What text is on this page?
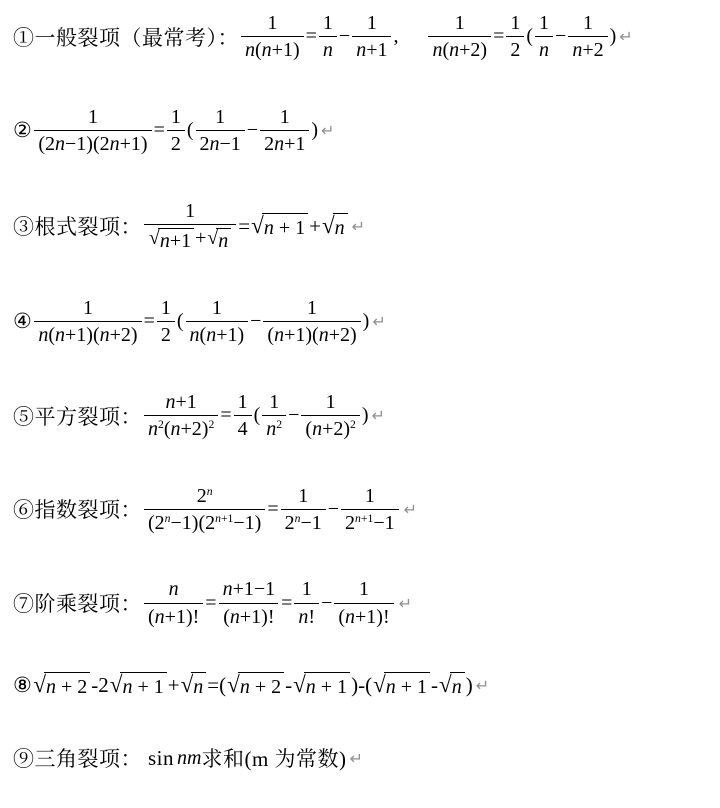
①一般裂项（最常考）： $\frac{1}{n(n+1)} = \frac{1}{n} - \frac{1}{n+1}$ , $\frac{1}{n(n+2)} = \frac{1}{2}$ ( $\frac{1}{n} - \frac{1}{n+2}$ ) ↵
② $\frac{1}{(2n-1)(2n+1)} = \frac{1}{2}$ ( $\frac{1}{2n-1} - \frac{1}{2n+1}$ ) ↵
③根式裂项： $\frac{1}{√ n+1 + √ n}$ = √ n + 1 + √ n ↵
④ $\frac{1}{n(n+1)(n+2)} = \frac{1}{2}$ ( $\frac{1}{n(n+1)} - \frac{1}{(n+1)(n+2)}$ ) ↵
⑤平方裂项： $\frac{n+1}{n^2(n+2)^2} = \frac{1}{4}$ ( $\frac{1}{n^2} - \frac{1}{(n+2)^2}$ ) ↵
⑥指数裂项： $\frac{2^n}{(2^n-1)(2^{n+1}-1)} = \frac{1}{2^n-1} - \frac{1}{2^{n+1}-1}$ ↵
⑦阶乘裂项： $\frac{n}{(n+1)!} = \frac{n+1-1}{(n+1)!} = \frac{1}{n!} - \frac{1}{(n+1)!}$ ↵
⑧ √ n + 2 -2 √ n + 1 + √ n =( √ n + 2 - √ n + 1 )-( √ n + 1 - √ n ) ↵
⑨三角裂项： sin nm 求和(m 为常数) ↵
